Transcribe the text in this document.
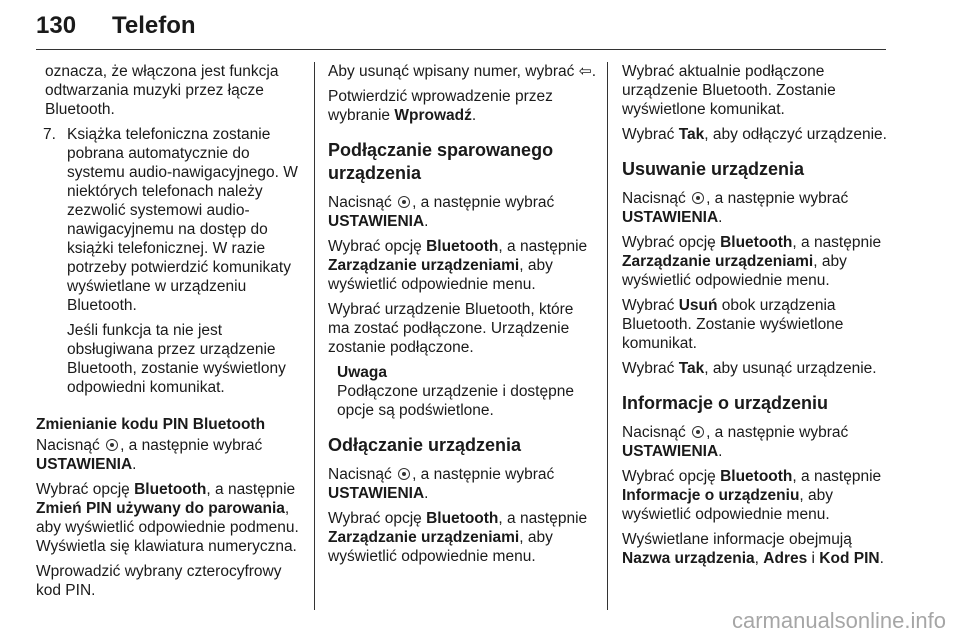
130 Telefon

oznacza, że włączona jest funkcja odtwarzania muzyki przez łącze Bluetooth.

7. Książka telefoniczna zostanie pobrana automatycznie do systemu audio-nawigacyjnego. W niektórych telefonach należy zezwolić systemowi audio-nawigacyjnemu na dostęp do książki telefonicznej. W razie potrzeby potwierdzić komunikaty wyświetlane w urządzeniu Bluetooth.

Jeśli funkcja ta nie jest obsługiwana przez urządzenie Bluetooth, zostanie wyświetlony odpowiedni komunikat.

Zmienianie kodu PIN Bluetooth

Nacisnąć , a następnie wybrać
USTAWIENIA.

Wybrać opcję Bluetooth, a następnie Zmień PIN używany do parowania, aby wyświetlić odpowiednie podmenu. Wyświetla się klawiatura numeryczna.

Wprowadzić wybrany czterocyfrowy kod PIN.

Aby usunąć wpisany numer, wybrać ⇦.

Potwierdzić wprowadzenie przez wybranie Wprowadź.

Podłączanie sparowanego urządzenia

Nacisnąć , a następnie wybrać
USTAWIENIA.

Wybrać opcję Bluetooth, a następnie Zarządzanie urządzeniami, aby wyświetlić odpowiednie menu.

Wybrać urządzenie Bluetooth, które ma zostać podłączone. Urządzenie zostanie podłączone.

Uwaga
Podłączone urządzenie i dostępne opcje są podświetlone.
Odłączanie urządzenia

Nacisnąć , a następnie wybrać
USTAWIENIA.

Wybrać opcję Bluetooth, a następnie Zarządzanie urządzeniami, aby wyświetlić odpowiednie menu.

Wybrać aktualnie podłączone urządzenie Bluetooth. Zostanie wyświetlone komunikat.

Wybrać Tak, aby odłączyć urządzenie.

Usuwanie urządzenia

Nacisnąć , a następnie wybrać
USTAWIENIA.

Wybrać opcję Bluetooth, a następnie Zarządzanie urządzeniami, aby wyświetlić odpowiednie menu.

Wybrać Usuń obok urządzenia Bluetooth. Zostanie wyświetlone komunikat.

Wybrać Tak, aby usunąć urządzenie.

Informacje o urządzeniu

Nacisnąć , a następnie wybrać
USTAWIENIA.

Wybrać opcję Bluetooth, a następnie Informacje o urządzeniu, aby wyświetlić odpowiednie menu.

Wyświetlane informacje obejmują
Nazwa urządzenia, Adres i Kod PIN.

carmanualsonline.info
